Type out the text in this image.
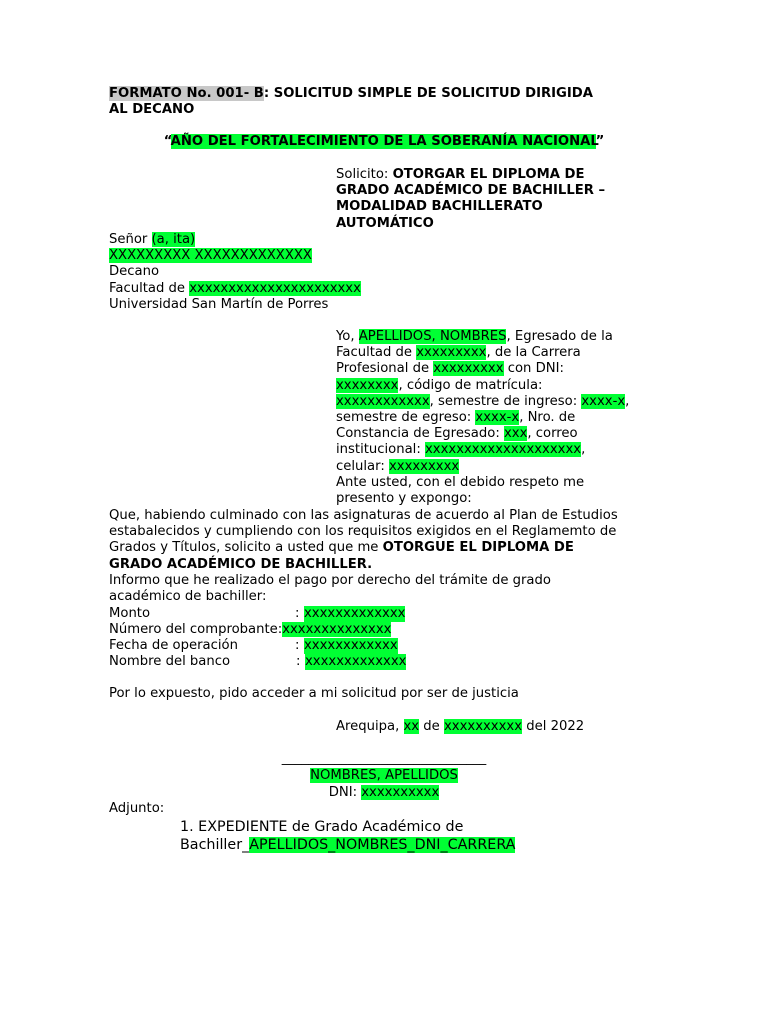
FORMATO No. 001- B: SOLICITUD SIMPLE DE SOLICITUD DIRIGIDA
AL DECANO
“AÑO DEL FORTALECIMIENTO DE LA SOBERANÍA NACIONAL”
Solicito: OTORGAR EL DIPLOMA DE
GRADO ACADÉMICO DE BACHILLER –
MODALIDAD BACHILLERATO
AUTOMÁTICO
Señor (a, ita)
XXXXXXXXX XXXXXXXXXXXXX
Decano
Facultad de xxxxxxxxxxxxxxxxxxxxxx
Universidad San Martín de Porres
Yo, APELLIDOS, NOMBRES, Egresado de la
Facultad de xxxxxxxxx, de la Carrera
Profesional de xxxxxxxxx con DNI:
xxxxxxxx, código de matrícula:
xxxxxxxxxxxx, semestre de ingreso: xxxx-x,
semestre de egreso: xxxx-x, Nro. de
Constancia de Egresado: xxx, correo
institucional: xxxxxxxxxxxxxxxxxxxx,
celular: xxxxxxxxx
Ante usted, con el debido respeto me
presento y expongo:
Que, habiendo culminado con las asignaturas de acuerdo al Plan de Estudios
estabalecidos y cumpliendo con los requisitos exigidos en el Reglamemto de
Grados y Títulos, solicito a usted que me OTORGUE EL DIPLOMA DE
GRADO ACADÉMICO DE BACHILLER.
Informo que he realizado el pago por derecho del trámite de grado
académico de bachiller:
Monto	: xxxxxxxxxxxxx
Número del comprobante:xxxxxxxxxxxxxx
Fecha de operación	: xxxxxxxxxxxx
Nombre del banco	: xxxxxxxxxxxxx
Por lo expuesto, pido acceder a mi solicitud por ser de justicia
Arequipa, xx de xxxxxxxxxx del 2022
_______________________________
NOMBRES, APELLIDOS
DNI: xxxxxxxxxx
Adjunto:
1. EXPEDIENTE de Grado Académico de
Bachiller_APELLIDOS_NOMBRES_DNI_CARRERA
